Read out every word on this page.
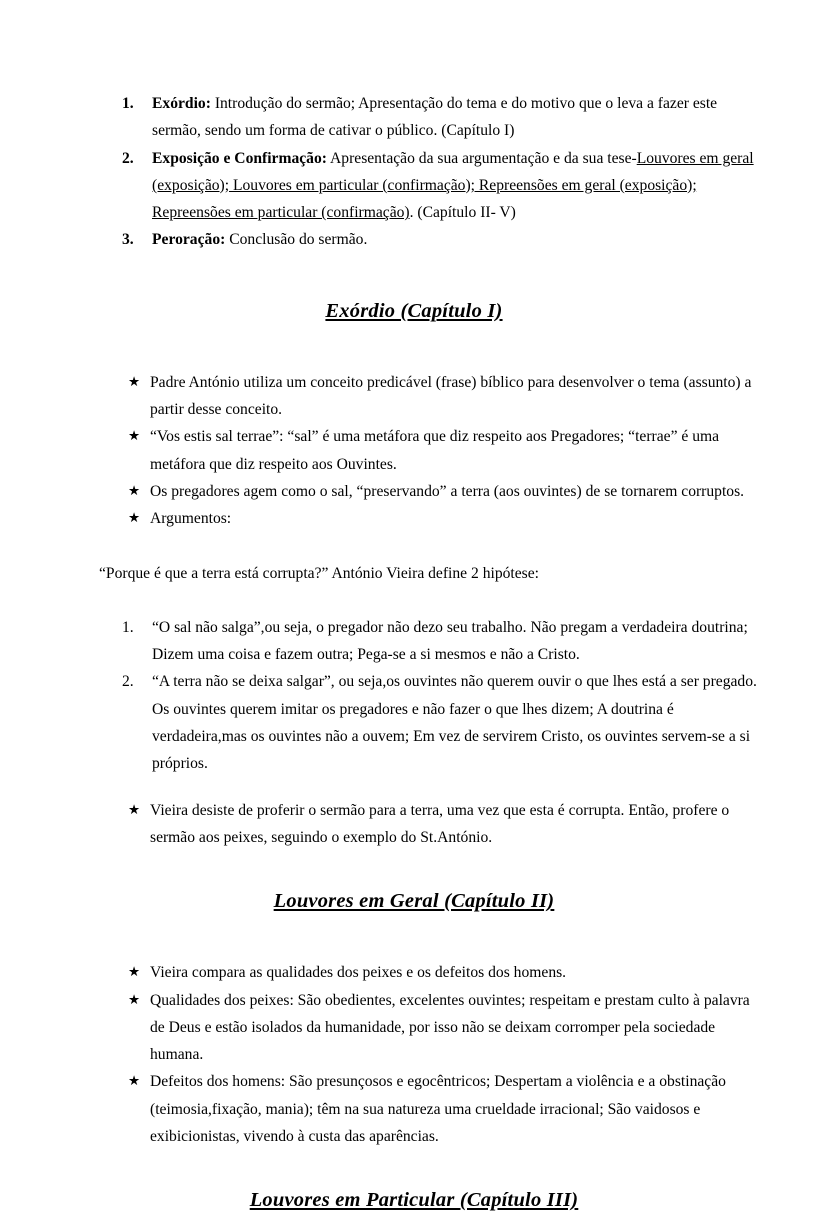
1.	Exórdio: Introdução do sermão; Apresentação do tema e do motivo que o leva a fazer este sermão, sendo um forma de cativar o público. (Capítulo I)
2.	Exposição e Confirmação: Apresentação da sua argumentação e da sua tese-Louvores em geral (exposição); Louvores em particular (confirmação); Repreensões em geral (exposição); Repreensões em particular (confirmação). (Capítulo II- V)
3.	Peroração: Conclusão do sermão.
Exórdio (Capítulo I)
★ Padre António utiliza um conceito predicável (frase) bíblico para desenvolver o tema (assunto) a partir desse conceito.
★ “Vos estis sal terrae”: “sal” é uma metáfora que diz respeito aos Pregadores; “terrae” é uma metáfora que diz respeito aos Ouvintes.
★ Os pregadores agem como o sal, “preservando” a terra (aos ouvintes) de se tornarem corruptos.
★ Argumentos:

“Porque é que a terra está corrupta?” António Vieira define 2 hipótese:

1.	“O sal não salga”,ou seja, o pregador não dezo seu trabalho. Não pregam a verdadeira doutrina; Dizem uma coisa e fazem outra; Pega-se a si mesmos e não a Cristo.
2.	“A terra não se deixa salgar”, ou seja,os ouvintes não querem ouvir o que lhes está a ser pregado. Os ouvintes querem imitar os pregadores e não fazer o que lhes dizem; A doutrina é verdadeira,mas os ouvintes não a ouvem; Em vez de servirem Cristo, os ouvintes servem-se a si próprios.
★ Vieira desiste de proferir o sermão para a terra, uma vez que esta é corrupta. Então, profere o sermão aos peixes, seguindo o exemplo do St.António.
Louvores em Geral (Capítulo II)
★ Vieira compara as qualidades dos peixes e os defeitos dos homens.
★ Qualidades dos peixes: São obedientes, excelentes ouvintes; respeitam e prestam culto à palavra de Deus e estão isolados da humanidade, por isso não se deixam corromper pela sociedade humana.
★ Defeitos dos homens: São presunçosos e egocêntricos; Despertam a violência e a obstinação (teimosia,fixação, mania); têm na sua natureza uma crueldade irracional; São vaidosos e exibicionistas, vivendo à custa das aparências.
Louvores em Particular (Capítulo III)
